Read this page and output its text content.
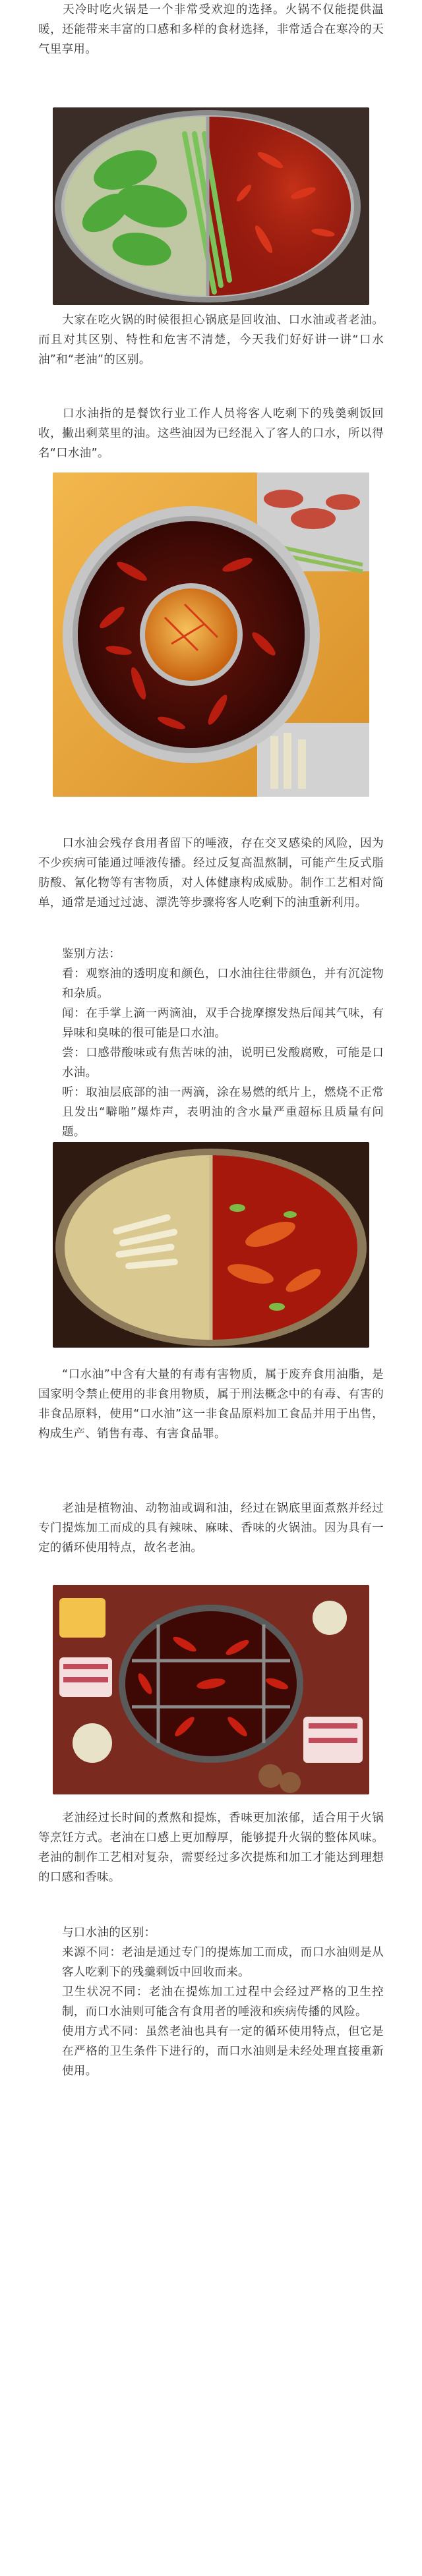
天冷时吃火锅是一个非常受欢迎的选择。火锅不仅能提供温暖，还能带来丰富的口感和多样的食材选择，非常适合在寒冷的天气里享用。

大家在吃火锅的时候很担心锅底是回收油、口水油或者老油。而且对其区别、特性和危害不清楚，今天我们好好讲一讲“口水油”和“老油”的区别。

口水油指的是餐饮行业工作人员将客人吃剩下的残羹剩饭回收，撇出剩菜里的油。这些油因为已经混入了客人的口水，所以得名“口水油”。

口水油会残存食用者留下的唾液，存在交叉感染的风险，因为不少疾病可能通过唾液传播。经过反复高温熬制，可能产生反式脂肪酸、氰化物等有害物质，对人体健康构成威胁。制作工艺相对简单，通常是通过过滤、漂洗等步骤将客人吃剩下的油重新利用。

鉴别方法：
看：观察油的透明度和颜色，口水油往往带颜色，并有沉淀物和杂质。
闻：在手掌上滴一两滴油，双手合拢摩擦发热后闻其气味，有异味和臭味的很可能是口水油。
尝：口感带酸味或有焦苦味的油，说明已发酸腐败，可能是口水油。
听：取油层底部的油一两滴，涂在易燃的纸片上，燃烧不正常且发出“噼啪”爆炸声，表明油的含水量严重超标且质量有问题。

“口水油”中含有大量的有毒有害物质，属于废弃食用油脂，是国家明令禁止使用的非食用物质，属于刑法概念中的有毒、有害的非食品原料，使用“口水油”这一非食品原料加工食品并用于出售，构成生产、销售有毒、有害食品罪。

老油是植物油、动物油或调和油，经过在锅底里面煮熬并经过专门提炼加工而成的具有辣味、麻味、香味的火锅油。因为具有一定的循环使用特点，故名老油。

老油经过长时间的煮熬和提炼，香味更加浓郁，适合用于火锅等烹饪方式。老油在口感上更加醇厚，能够提升火锅的整体风味。老油的制作工艺相对复杂，需要经过多次提炼和加工才能达到理想的口感和香味。

与口水油的区别：
来源不同：老油是通过专门的提炼加工而成，而口水油则是从客人吃剩下的残羹剩饭中回收而来。
卫生状况不同：老油在提炼加工过程中会经过严格的卫生控制，而口水油则可能含有食用者的唾液和疾病传播的风险。
使用方式不同：虽然老油也具有一定的循环使用特点，但它是在严格的卫生条件下进行的，而口水油则是未经处理直接重新使用。
